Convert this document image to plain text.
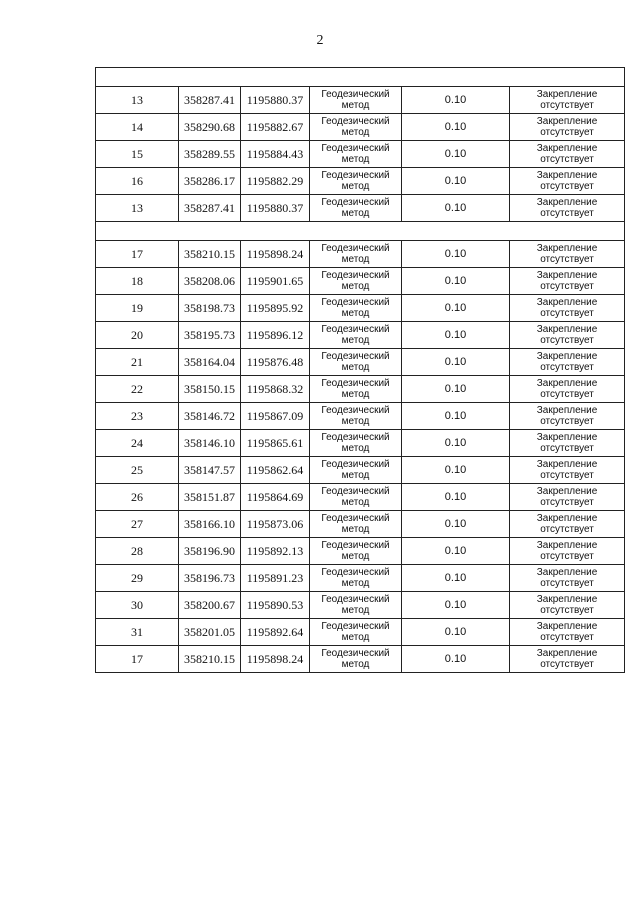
2

13	358287.41	1195880.37	Геодезический метод	0.10	Закрепление отсутствует
14	358290.68	1195882.67	Геодезический метод	0.10	Закрепление отсутствует
15	358289.55	1195884.43	Геодезический метод	0.10	Закрепление отсутствует
16	358286.17	1195882.29	Геодезический метод	0.10	Закрепление отсутствует
13	358287.41	1195880.37	Геодезический метод	0.10	Закрепление отсутствует

17	358210.15	1195898.24	Геодезический метод	0.10	Закрепление отсутствует
18	358208.06	1195901.65	Геодезический метод	0.10	Закрепление отсутствует
19	358198.73	1195895.92	Геодезический метод	0.10	Закрепление отсутствует
20	358195.73	1195896.12	Геодезический метод	0.10	Закрепление отсутствует
21	358164.04	1195876.48	Геодезический метод	0.10	Закрепление отсутствует
22	358150.15	1195868.32	Геодезический метод	0.10	Закрепление отсутствует
23	358146.72	1195867.09	Геодезический метод	0.10	Закрепление отсутствует
24	358146.10	1195865.61	Геодезический метод	0.10	Закрепление отсутствует
25	358147.57	1195862.64	Геодезический метод	0.10	Закрепление отсутствует
26	358151.87	1195864.69	Геодезический метод	0.10	Закрепление отсутствует
27	358166.10	1195873.06	Геодезический метод	0.10	Закрепление отсутствует
28	358196.90	1195892.13	Геодезический метод	0.10	Закрепление отсутствует
29	358196.73	1195891.23	Геодезический метод	0.10	Закрепление отсутствует
30	358200.67	1195890.53	Геодезический метод	0.10	Закрепление отсутствует
31	358201.05	1195892.64	Геодезический метод	0.10	Закрепление отсутствует
17	358210.15	1195898.24	Геодезический метод	0.10	Закрепление отсутствует
